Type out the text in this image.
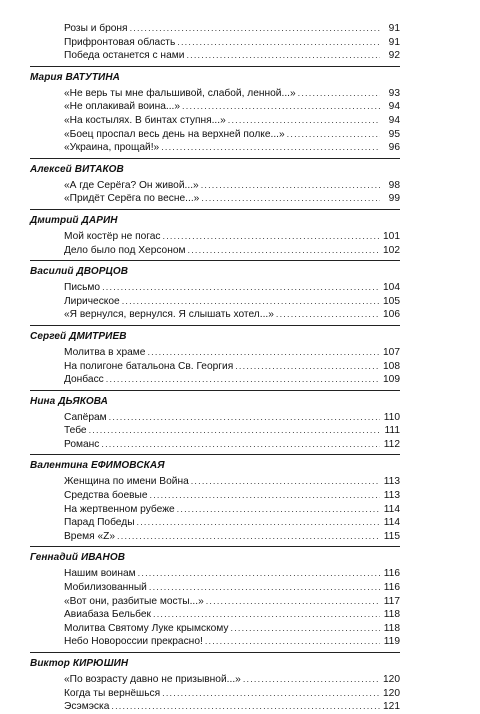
Розы и броня .....	91
Прифронтовая область .....	91
Победа останется с нами .....	92
Мария ВАТУТИНА
«Не верь ты мне фальшивой, слабой, ленной...» .....	93
«Не оплакивай воина...» .....	94
«На костылях. В бинтах ступня...» .....	94
«Боец проспал весь день на верхней полке...» .....	95
«Украина, прощай!» .....	96
Алексей ВИТАКОВ
«А где Серёга? Он живой...» .....	98
«Придёт Серёга по весне...» .....	99
Дмитрий ДАРИН
Мой костёр не погас .....	101
Дело было под Херсоном .....	102
Василий ДВОРЦОВ
Письмо .....	104
Лирическое .....	105
«Я вернулся, вернулся. Я слышать хотел...» .....	106
Сергей ДМИТРИЕВ
Молитва в храме .....	107
На полигоне батальона Св. Георгия .....	108
Донбасс .....	109
Нина ДЬЯКОВА
Сапёрам .....	110
Тебе .....	111
Романс .....	112
Валентина ЕФИМОВСКАЯ
Женщина по имени Война .....	113
Средства боевые .....	113
На жертвенном рубеже .....	114
Парад Победы .....	114
Время «Z» .....	115
Геннадий ИВАНОВ
Нашим воинам .....	116
Мобилизованный .....	116
«Вот они, разбитые мосты...» .....	117
Авиабаза Бельбек .....	118
Молитва Святому Луке крымскому .....	118
Небо Новороссии прекрасно! .....	119
Виктор КИРЮШИН
«По возрасту давно не призывной...» .....	120
Когда ты вернёшься .....	120
Эсэмэска .....	121
